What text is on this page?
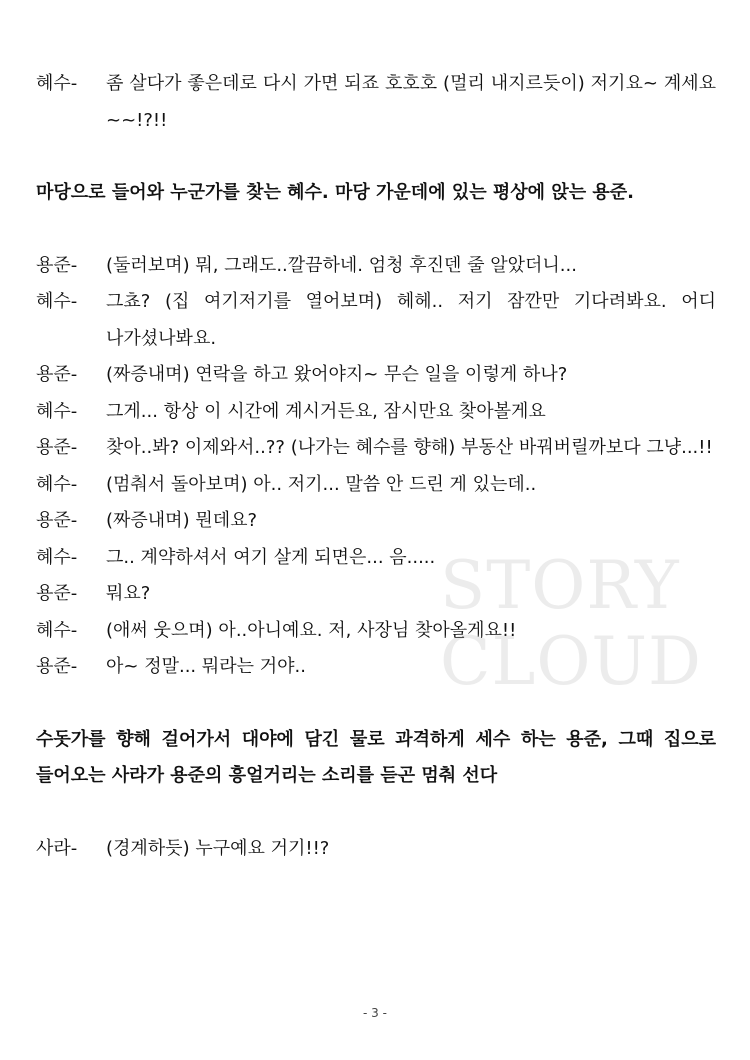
STORY
CLOUD
혜수-	좀 살다가 좋은데로 다시 가면 되죠 호호호 (멀리 내지르듯이) 저기요~ 계세요~~!?!!

마당으로 들어와 누군가를 찾는 혜수. 마당 가운데에 있는 평상에 앉는 용준.

용준-	(둘러보며) 뭐, 그래도..깔끔하네. 엄청 후진덴 줄 알았더니...
혜수-	그쵸? (집 여기저기를 열어보며) 헤헤.. 저기 잠깐만 기다려봐요. 어디 나가셨나봐요.
용준-	(짜증내며) 연락을 하고 왔어야지~ 무슨 일을 이렇게 하나?
혜수-	그게... 항상 이 시간에 계시거든요, 잠시만요 찾아볼게요
용준-	찾아..봐? 이제와서..?? (나가는 혜수를 향해) 부동산 바꿔버릴까보다 그냥...!!
혜수-	(멈춰서 돌아보며) 아.. 저기... 말씀 안 드린 게 있는데..
용준-	(짜증내며) 뭔데요?
혜수-	그.. 계약하셔서 여기 살게 되면은... 음.....
용준-	뭐요?
혜수-	(애써 웃으며) 아..아니예요. 저, 사장님 찾아올게요!!
용준-	아~ 정말... 뭐라는 거야..

수돗가를 향해 걸어가서 대야에 담긴 물로 과격하게 세수 하는 용준, 그때 집으로 들어오는 사라가 용준의 흥얼거리는 소리를 듣곤 멈춰 선다

사라-	(경계하듯) 누구예요 거기!!?
- 3 -
